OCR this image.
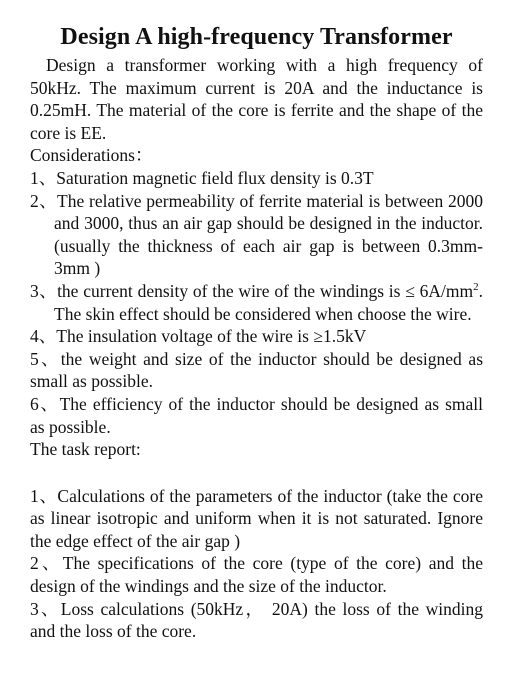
Design A high-frequency Transformer

Design a transformer working with a high frequency of 50kHz. The maximum current is 20A and the inductance is 0.25mH. The material of the core is ferrite and the shape of the core is EE.

Considerations：

1、Saturation magnetic field flux density is 0.3T

2、The relative permeability of ferrite material is between 2000 and 3000, thus an air gap should be designed in the inductor.(usually the thickness of each air gap is between 0.3mm-3mm )

3、the current density of the wire of the windings is ≤ $6A/mm^2$. The skin effect should be considered when choose the wire.

4、The insulation voltage of the wire is ≥1.5kV

5、the weight and size of the inductor should be designed as small as possible.

6、The efficiency of the inductor should be designed as small as possible.

The task report:

1、Calculations of the parameters of the inductor (take the core as linear isotropic and uniform when it is not saturated. Ignore the edge effect of the air gap )

2、The specifications of the core (type of the core) and the design of the windings and the size of the inductor.

3、Loss calculations (50kHz， 20A) the loss of the winding and the loss of the core.
